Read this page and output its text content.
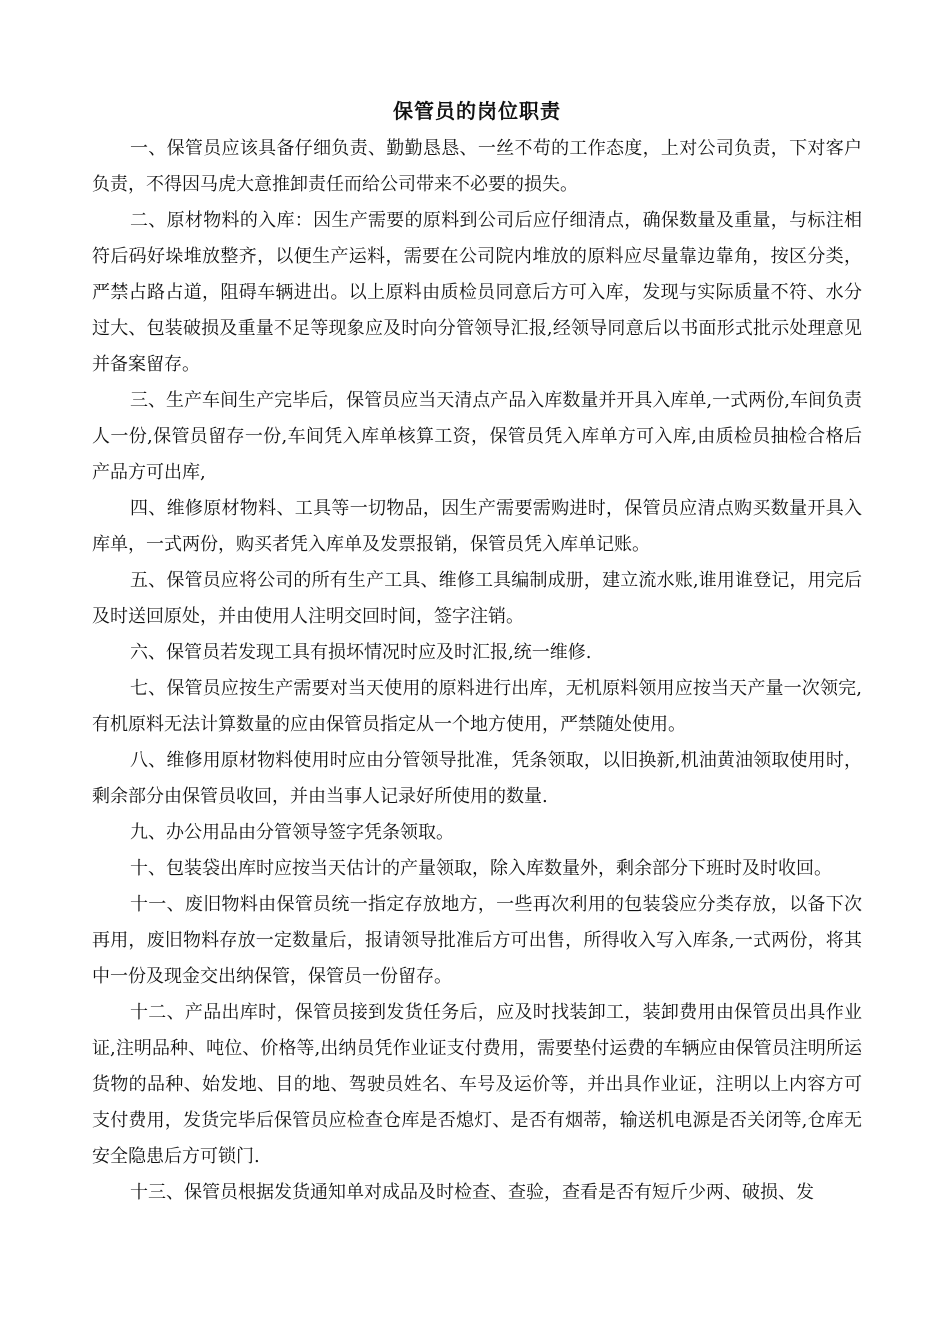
保管员的岗位职责

一、保管员应该具备仔细负责、勤勤恳恳、一丝不苟的工作态度，上对公司负责，下对客户负责，不得因马虎大意推卸责任而给公司带来不必要的损失。

二、原材物料的入库：因生产需要的原料到公司后应仔细清点，确保数量及重量，与标注相符后码好垛堆放整齐，以便生产运料，需要在公司院内堆放的原料应尽量靠边靠角，按区分类，严禁占路占道，阻碍车辆进出。以上原料由质检员同意后方可入库，发现与实际质量不符、水分过大、包装破损及重量不足等现象应及时向分管领导汇报,经领导同意后以书面形式批示处理意见并备案留存。

三、生产车间生产完毕后，保管员应当天清点产品入库数量并开具入库单,一式两份,车间负责人一份,保管员留存一份,车间凭入库单核算工资，保管员凭入库单方可入库,由质检员抽检合格后产品方可出库,

四、维修原材物料、工具等一切物品，因生产需要需购进时，保管员应清点购买数量开具入库单，一式两份，购买者凭入库单及发票报销，保管员凭入库单记账。

五、保管员应将公司的所有生产工具、维修工具编制成册，建立流水账,谁用谁登记，用完后及时送回原处，并由使用人注明交回时间，签字注销。

六、保管员若发现工具有损坏情况时应及时汇报,统一维修.

七、保管员应按生产需要对当天使用的原料进行出库，无机原料领用应按当天产量一次领完,有机原料无法计算数量的应由保管员指定从一个地方使用，严禁随处使用。

八、维修用原材物料使用时应由分管领导批准，凭条领取，以旧换新,机油黄油领取使用时，剩余部分由保管员收回，并由当事人记录好所使用的数量.

九、办公用品由分管领导签字凭条领取。

十、包装袋出库时应按当天估计的产量领取，除入库数量外，剩余部分下班时及时收回。

十一、废旧物料由保管员统一指定存放地方，一些再次利用的包装袋应分类存放，以备下次再用，废旧物料存放一定数量后，报请领导批准后方可出售，所得收入写入库条,一式两份，将其中一份及现金交出纳保管，保管员一份留存。

十二、产品出库时，保管员接到发货任务后，应及时找装卸工，装卸费用由保管员出具作业证,注明品种、吨位、价格等,出纳员凭作业证支付费用，需要垫付运费的车辆应由保管员注明所运货物的品种、始发地、目的地、驾驶员姓名、车号及运价等，并出具作业证，注明以上内容方可支付费用，发货完毕后保管员应检查仓库是否熄灯、是否有烟蒂，输送机电源是否关闭等,仓库无安全隐患后方可锁门.

十三、保管员根据发货通知单对成品及时检查、查验，查看是否有短斤少两、破损、发
